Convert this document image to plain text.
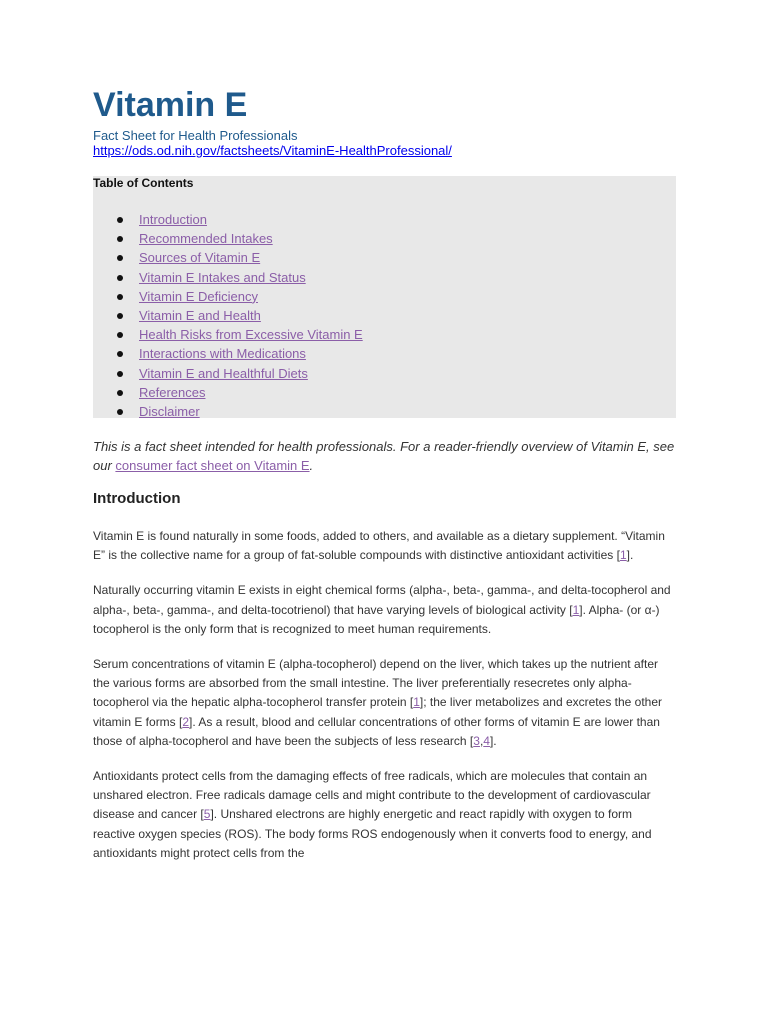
Vitamin E
Fact Sheet for Health Professionals
https://ods.od.nih.gov/factsheets/VitaminE-HealthProfessional/
Table of Contents
Introduction
Recommended Intakes
Sources of Vitamin E
Vitamin E Intakes and Status
Vitamin E Deficiency
Vitamin E and Health
Health Risks from Excessive Vitamin E
Interactions with Medications
Vitamin E and Healthful Diets
References
Disclaimer
This is a fact sheet intended for health professionals. For a reader-friendly overview of Vitamin E, see our consumer fact sheet on Vitamin E.
Introduction

Vitamin E is found naturally in some foods, added to others, and available as a dietary supplement. “Vitamin E” is the collective name for a group of fat-soluble compounds with distinctive antioxidant activities [1].

Naturally occurring vitamin E exists in eight chemical forms (alpha-, beta-, gamma-, and delta-tocopherol and alpha-, beta-, gamma-, and delta-tocotrienol) that have varying levels of biological activity [1]. Alpha- (or α-) tocopherol is the only form that is recognized to meet human requirements.

Serum concentrations of vitamin E (alpha-tocopherol) depend on the liver, which takes up the nutrient after the various forms are absorbed from the small intestine. The liver preferentially resecretes only alpha-tocopherol via the hepatic alpha-tocopherol transfer protein [1]; the liver metabolizes and excretes the other vitamin E forms [2]. As a result, blood and cellular concentrations of other forms of vitamin E are lower than those of alpha-tocopherol and have been the subjects of less research [3,4].

Antioxidants protect cells from the damaging effects of free radicals, which are molecules that contain an unshared electron. Free radicals damage cells and might contribute to the development of cardiovascular disease and cancer [5]. Unshared electrons are highly energetic and react rapidly with oxygen to form reactive oxygen species (ROS). The body forms ROS endogenously when it converts food to energy, and antioxidants might protect cells from the
